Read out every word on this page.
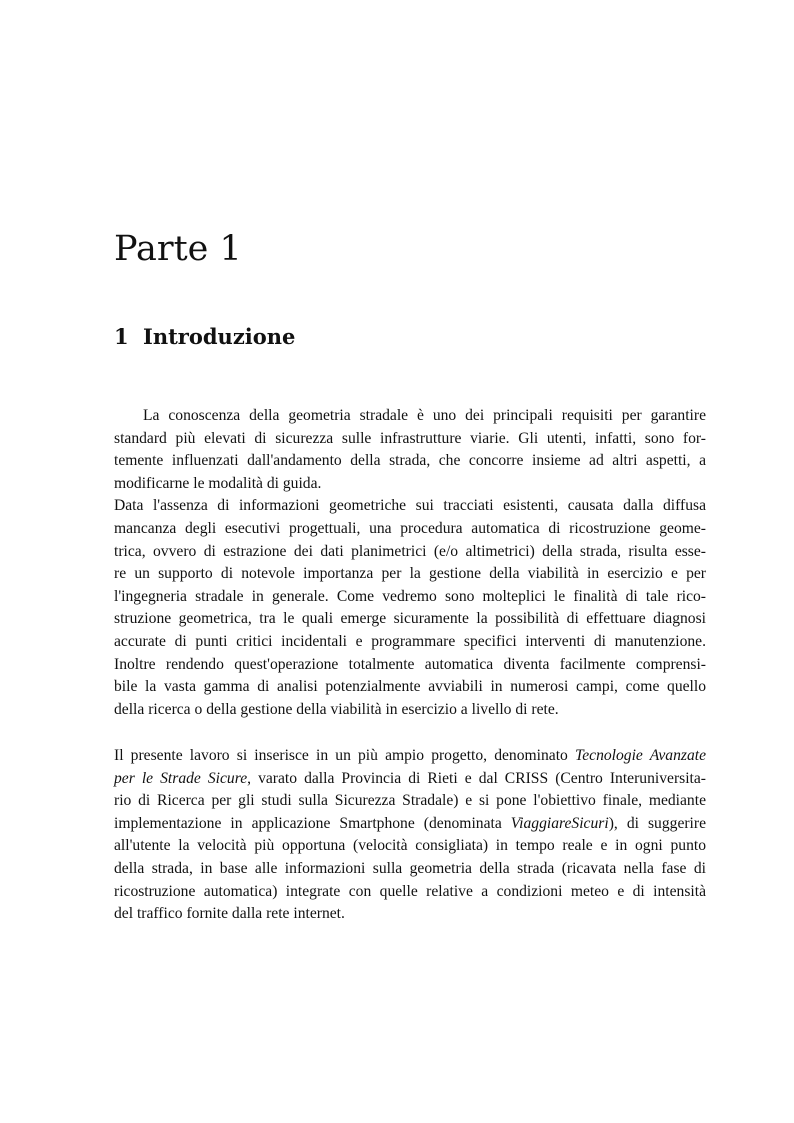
Parte 1
1 Introduzione

La conoscenza della geometria stradale è uno dei principali requisiti per garantire
standard più elevati di sicurezza sulle infrastrutture viarie. Gli utenti, infatti, sono for-
temente influenzati dall'andamento della strada, che concorre insieme ad altri aspetti, a
modificarne le modalità di guida.
Data l'assenza di informazioni geometriche sui tracciati esistenti, causata dalla diffusa
mancanza degli esecutivi progettuali, una procedura automatica di ricostruzione geome-
trica, ovvero di estrazione dei dati planimetrici (e/o altimetrici) della strada, risulta esse-
re un supporto di notevole importanza per la gestione della viabilità in esercizio e per
l'ingegneria stradale in generale. Come vedremo sono molteplici le finalità di tale rico-
struzione geometrica, tra le quali emerge sicuramente la possibilità di effettuare diagnosi
accurate di punti critici incidentali e programmare specifici interventi di manutenzione.
Inoltre rendendo quest'operazione totalmente automatica diventa facilmente comprensi-
bile la vasta gamma di analisi potenzialmente avviabili in numerosi campi, come quello
della ricerca o della gestione della viabilità in esercizio a livello di rete.

Il presente lavoro si inserisce in un più ampio progetto, denominato Tecnologie Avanzate
per le Strade Sicure, varato dalla Provincia di Rieti e dal CRISS (Centro Interuniversita-
rio di Ricerca per gli studi sulla Sicurezza Stradale) e si pone l'obiettivo finale, mediante
implementazione in applicazione Smartphone (denominata ViaggiareSicuri), di suggerire
all'utente la velocità più opportuna (velocità consigliata) in tempo reale e in ogni punto
della strada, in base alle informazioni sulla geometria della strada (ricavata nella fase di
ricostruzione automatica) integrate con quelle relative a condizioni meteo e di intensità
del traffico fornite dalla rete internet.
